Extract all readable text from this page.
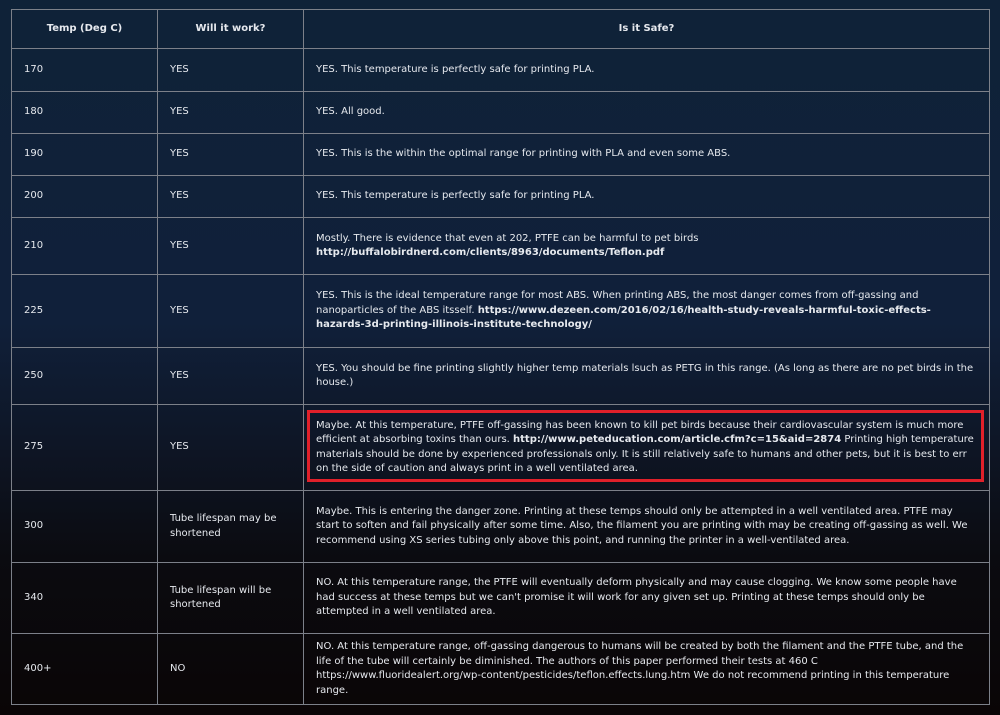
Temp (Deg C)	Will it work?	Is it Safe?
170	YES	YES. This temperature is perfectly safe for printing PLA.
180	YES	YES. All good.
190	YES	YES. This is the within the optimal range for printing with PLA and even some ABS.
200	YES	YES. This temperature is perfectly safe for printing PLA.
210	YES	Mostly. There is evidence that even at 202, PTFE can be harmful to pet birds http://buffalobirdnerd.com/clients/8963/documents/Teflon.pdf
225	YES	YES. This is the ideal temperature range for most ABS. When printing ABS, the most danger comes from off-gassing and nanoparticles of the ABS itsself. https://www.dezeen.com/2016/02/16/health-study-reveals-harmful-toxic-effects-hazards-3d-printing-illinois-institute-technology/
250	YES	YES. You should be fine printing slightly higher temp materials lsuch as PETG in this range. (As long as there are no pet birds in the house.)
275	YES	Maybe. At this temperature, PTFE off-gassing has been known to kill pet birds because their cardiovascular system is much more efficient at absorbing toxins than ours. http://www.peteducation.com/article.cfm?c=15&aid=2874 Printing high temperature materials should be done by experienced professionals only. It is still relatively safe to humans and other pets, but it is best to err on the side of caution and always print in a well ventilated area.
300	Tube lifespan may be shortened	Maybe. This is entering the danger zone. Printing at these temps should only be attempted in a well ventilated area. PTFE may start to soften and fail physically after some time. Also, the filament you are printing with may be creating off-gassing as well. We recommend using XS series tubing only above this point, and running the printer in a well-ventilated area.
340	Tube lifespan will be shortened	NO. At this temperature range, the PTFE will eventually deform physically and may cause clogging. We know some people have had success at these temps but we can't promise it will work for any given set up. Printing at these temps should only be attempted in a well ventilated area.
400+	NO	NO. At this temperature range, off-gassing dangerous to humans will be created by both the filament and the PTFE tube, and the life of the tube will certainly be diminished. The authors of this paper performed their tests at 460 C https://www.fluoridealert.org/wp-content/pesticides/teflon.effects.lung.htm We do not recommend printing in this temperature range.
